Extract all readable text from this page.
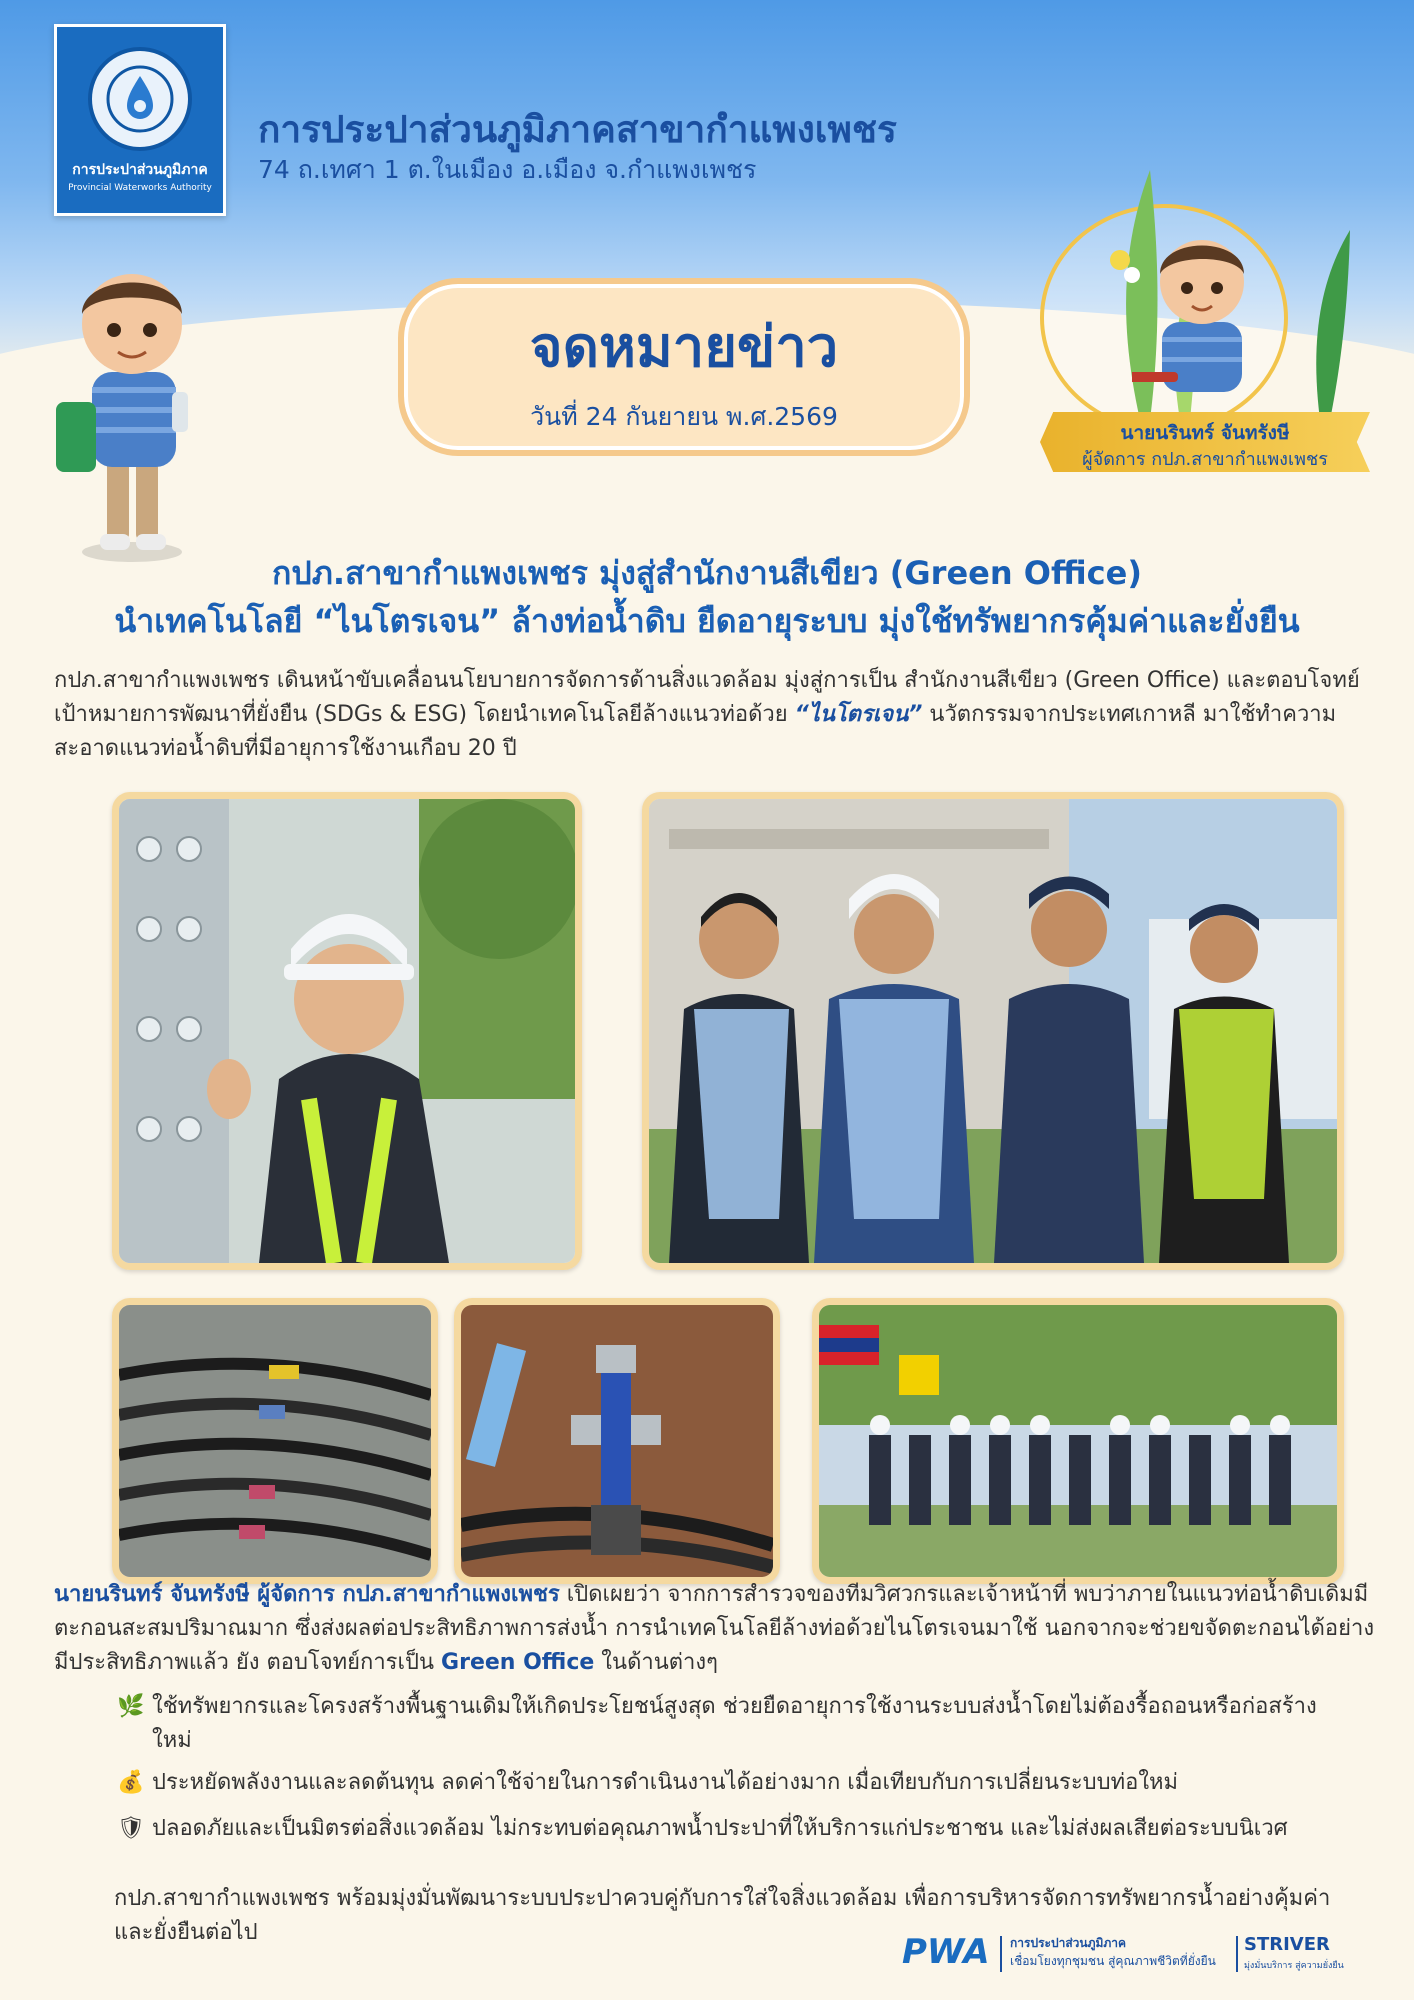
การประปาส่วนภูมิภาค
Provincial Waterworks Authority
การประปาส่วนภูมิภาคสาขากำแพงเพชร
74 ถ.เทศา 1 ต.ในเมือง อ.เมือง จ.กำแพงเพชร
จดหมายข่าว
วันที่ 24 กันยายน พ.ศ.2569
นายนรินทร์ จันทรังษี
ผู้จัดการ กปภ.สาขากำแพงเพชร
กปภ.สาขากำแพงเพชร มุ่งสู่สำนักงานสีเขียว (Green Office)
นำเทคโนโลยี “ไนโตรเจน” ล้างท่อน้ำดิบ ยืดอายุระบบ มุ่งใช้ทรัพยากรคุ้มค่าและยั่งยืน
กปภ.สาขากำแพงเพชร เดินหน้าขับเคลื่อนนโยบายการจัดการด้านสิ่งแวดล้อม มุ่งสู่การเป็น สำนักงานสีเขียว (Green Office) และตอบโจทย์เป้าหมายการพัฒนาที่ยั่งยืน (SDGs & ESG) โดยนำเทคโนโลยีล้างแนวท่อด้วย “ไนโตรเจน” นวัตกรรมจากประเทศเกาหลี มาใช้ทำความสะอาดแนวท่อน้ำดิบที่มีอายุการใช้งานเกือบ 20 ปี
นายนรินทร์ จันทรังษี ผู้จัดการ กปภ.สาขากำแพงเพชร เปิดเผยว่า จากการสำรวจของทีมวิศวกรและเจ้าหน้าที่ พบว่าภายในแนวท่อน้ำดิบเดิมมีตะกอนสะสมปริมาณมาก ซึ่งส่งผลต่อประสิทธิภาพการส่งน้ำ การนำเทคโนโลยีล้างท่อด้วยไนโตรเจนมาใช้ นอกจากจะช่วยขจัดตะกอนได้อย่างมีประสิทธิภาพแล้ว ยัง ตอบโจทย์การเป็น Green Office ในด้านต่างๆ
🌿 ใช้ทรัพยากรและโครงสร้างพื้นฐานเดิมให้เกิดประโยชน์สูงสุด ช่วยยืดอายุการใช้งานระบบส่งน้ำโดยไม่ต้องรื้อถอนหรือก่อสร้างใหม่
💰 ประหยัดพลังงานและลดต้นทุน ลดค่าใช้จ่ายในการดำเนินงานได้อย่างมาก เมื่อเทียบกับการเปลี่ยนระบบท่อใหม่
🛡 ปลอดภัยและเป็นมิตรต่อสิ่งแวดล้อม ไม่กระทบต่อคุณภาพน้ำประปาที่ให้บริการแก่ประชาชน และไม่ส่งผลเสียต่อระบบนิเวศ
กปภ.สาขากำแพงเพชร พร้อมมุ่งมั่นพัฒนาระบบประปาควบคู่กับการใส่ใจสิ่งแวดล้อม เพื่อการบริหารจัดการทรัพยากรน้ำอย่างคุ้มค่าและยั่งยืนต่อไป	PWA การประปาส่วนภูมิภาค
เชื่อมโยงทุกชุมชน สู่คุณภาพชีวิตที่ยั่งยืน
STRIVER
มุ่งมั่นบริการ สู่ความยั่งยืน
